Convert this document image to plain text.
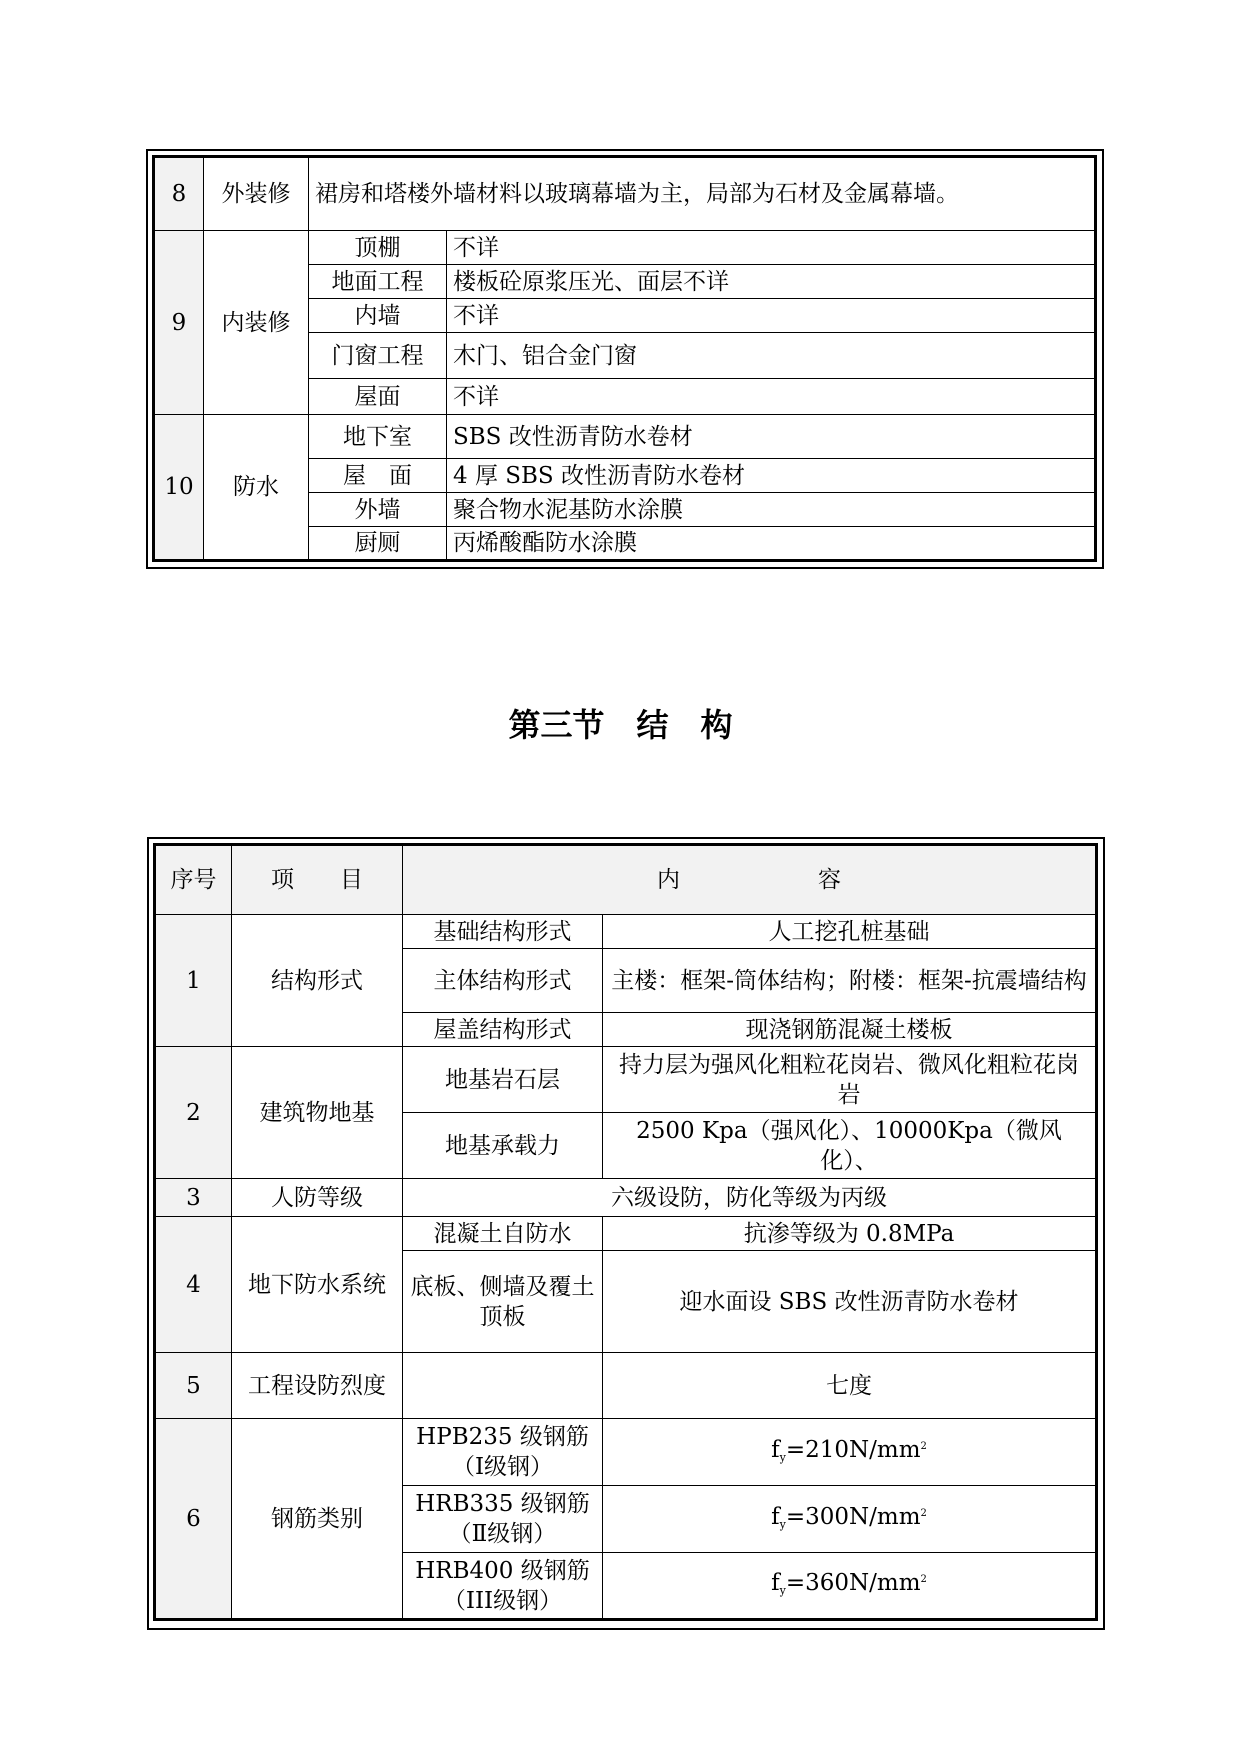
8	外装修	裙房和塔楼外墙材料以玻璃幕墙为主，局部为石材及金属幕墙。	
9	内装修	顶棚	不详
		地面工程	楼板砼原浆压光、面层不详
		内墙	不详
		门窗工程	木门、铝合金门窗
		屋面	不详
10	防水	地下室	SBS 改性沥青防水卷材
		屋　面	4 厚 SBS 改性沥青防水卷材
		外墙	聚合物水泥基防水涂膜
		厨厕	丙烯酸酯防水涂膜
第三节　结　构
序号	项　　目	内　　　　　　容	
1	结构形式	基础结构形式	人工挖孔桩基础
		主体结构形式	主楼：框架-筒体结构；附楼：框架-抗震墙结构
		屋盖结构形式	现浇钢筋混凝土楼板
2	建筑物地基	地基岩石层	持力层为强风化粗粒花岗岩、微风化粗粒花岗岩
		地基承载力	2500 Kpa（强风化）、10000Kpa（微风化）、
3	人防等级	六级设防，防化等级为丙级	
4	地下防水系统	混凝土自防水	抗渗等级为 0.8MPa
		底板、侧墙及覆土顶板	迎水面设 SBS 改性沥青防水卷材
5	工程设防烈度		七度
6	钢筋类别	HPB235 级钢筋（Ⅰ级钢）	$f_y=210N/mm^2$
		HRB335 级钢筋（Ⅱ级钢）	$f_y=300N/mm^2$
		HRB400 级钢筋（III级钢）	$f_y=360N/mm^2$
